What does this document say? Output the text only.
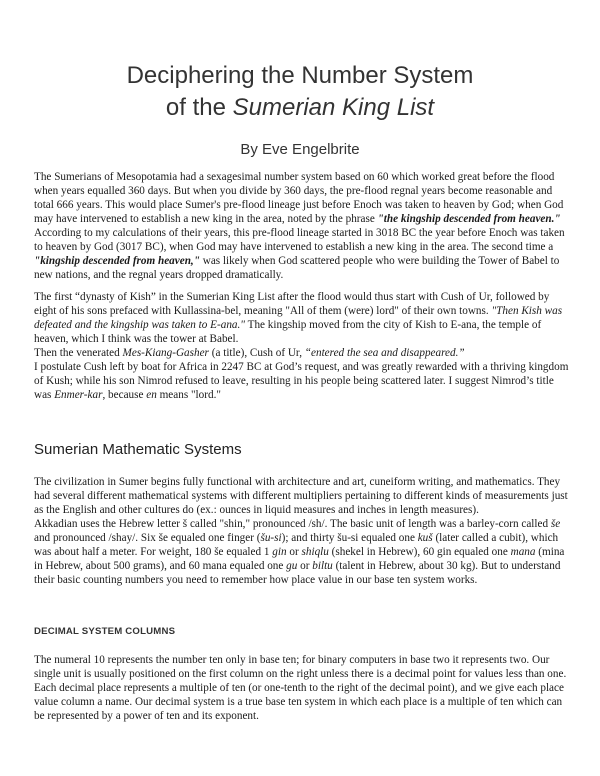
Deciphering the Number System
of the Sumerian King List
By Eve Engelbrite

The Sumerians of Mesopotamia had a sexagesimal number system based on 60 which worked great before the flood when years equalled 360 days. But when you divide by 360 days, the pre-flood regnal years become reasonable and total 666 years. This would place Sumer's pre-flood lineage just before Enoch was taken to heaven by God; when God may have intervened to establish a new king in the area, noted by the phrase "the kingship descended from heaven." According to my calculations of their years, this pre-flood lineage started in 3018 BC the year before Enoch was taken to heaven by God (3017 BC), when God may have intervened to establish a new king in the area. The second time a "kingship descended from heaven," was likely when God scattered people who were building the Tower of Babel to new nations, and the regnal years dropped dramatically.

The first “dynasty of Kish” in the Sumerian King List after the flood would thus start with Cush of Ur, followed by eight of his sons prefaced with Kullassina-bel, meaning "All of them (were) lord" of their own towns. "Then Kish was defeated and the kingship was taken to E-ana." The kingship moved from the city of Kish to E-ana, the temple of heaven, which I think was the tower at Babel.
Then the venerated Mes-Kiang-Gasher (a title), Cush of Ur, “entered the sea and disappeared.”
I postulate Cush left by boat for Africa in 2247 BC at God’s request, and was greatly rewarded with a thriving kingdom of Kush; while his son Nimrod refused to leave, resulting in his people being scattered later. I suggest Nimrod’s title was Enmer-kar, because en means "lord."

Sumerian Mathematic Systems

The civilization in Sumer begins fully functional with architecture and art, cuneiform writing, and mathematics. They had several different mathematical systems with different multipliers pertaining to different kinds of measurements just as the English and other cultures do (ex.: ounces in liquid measures and inches in length measures).
Akkadian uses the Hebrew letter š called "shin," pronounced /sh/. The basic unit of length was a barley-corn called še and pronounced /shay/. Six še equaled one finger (šu-si); and thirty šu-si equaled one kuš (later called a cubit), which was about half a meter. For weight, 180 še equaled 1 gin or shiqlu (shekel in Hebrew), 60 gin equaled one mana (mina in Hebrew, about 500 grams), and 60 mana equaled one gu or biltu (talent in Hebrew, about 30 kg). But to understand their basic counting numbers you need to remember how place value in our base ten system works.

DECIMAL SYSTEM COLUMNS

The numeral 10 represents the number ten only in base ten; for binary computers in base two it represents two. Our single unit is usually positioned on the first column on the right unless there is a decimal point for values less than one. Each decimal place represents a multiple of ten (or one-tenth to the right of the decimal point), and we give each place value column a name. Our decimal system is a true base ten system in which each place is a multiple of ten which can be represented by a power of ten and its exponent.
